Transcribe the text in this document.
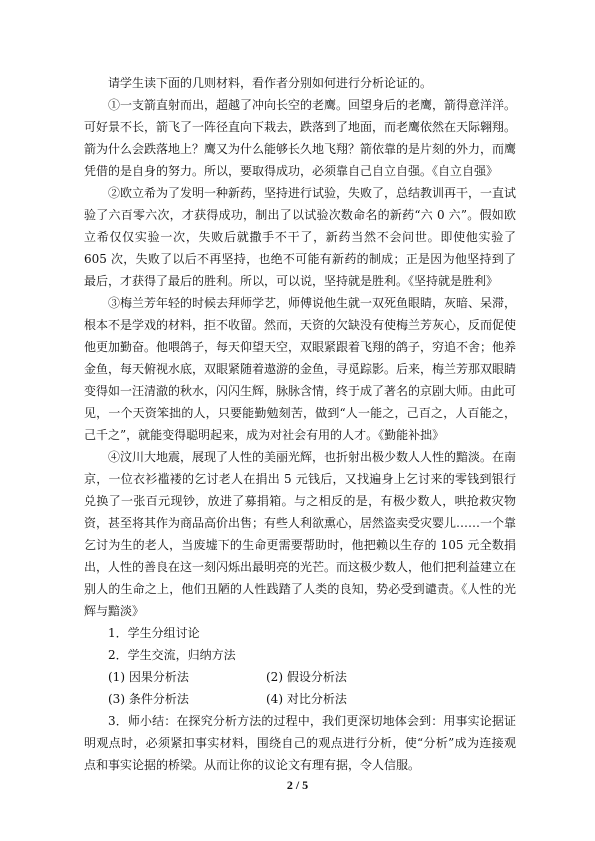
请学生读下面的几则材料，看作者分别如何进行分析论证的。

①一支箭直射而出，超越了冲向长空的老鹰。回望身后的老鹰，箭得意洋洋。可好景不长，箭飞了一阵径直向下栽去，跌落到了地面，而老鹰依然在天际翱翔。箭为什么会跌落地上？鹰又为什么能够长久地飞翔？箭依靠的是片刻的外力，而鹰凭借的是自身的努力。所以，要取得成功，必须靠自己自立自强。《自立自强》

②欧立希为了发明一种新药，坚持进行试验，失败了，总结教训再干，一直试验了六百零六次，才获得成功，制出了以试验次数命名的新药“六 0 六”。假如欧立希仅仅实验一次，失败后就撒手不干了，新药当然不会问世。即使他实验了 605 次，失败了以后不再坚持，也绝不可能有新药的制成；正是因为他坚持到了最后，才获得了最后的胜利。所以，可以说，坚持就是胜利。《坚持就是胜利》

③梅兰芳年轻的时候去拜师学艺，师傅说他生就一双死鱼眼睛，灰暗、呆滞，根本不是学戏的材料，拒不收留。然而，天资的欠缺没有使梅兰芳灰心，反而促使他更加勤奋。他喂鸽子，每天仰望天空，双眼紧跟着飞翔的鸽子，穷追不舍；他养金鱼，每天俯视水底，双眼紧随着遨游的金鱼，寻觅踪影。后来，梅兰芳那双眼睛变得如一汪清澈的秋水，闪闪生辉，脉脉含情，终于成了著名的京剧大师。由此可见，一个天资笨拙的人，只要能勤勉刻苦，做到“人一能之，己百之，人百能之，己千之”，就能变得聪明起来，成为对社会有用的人才。《勤能补拙》

④汶川大地震，展现了人性的美丽光辉，也折射出极少数人人性的黯淡。在南京，一位衣衫褴褛的乞讨老人在捐出 5 元钱后，又找遍身上乞讨来的零钱到银行兑换了一张百元现钞，放进了募捐箱。与之相反的是，有极少数人，哄抢救灾物资，甚至将其作为商品高价出售；有些人利欲熏心，居然盗卖受灾婴儿……一个靠乞讨为生的老人，当废墟下的生命更需要帮助时，他把赖以生存的 105 元全数捐出，人性的善良在这一刻闪烁出最明亮的光芒。而这极少数人，他们把利益建立在别人的生命之上，他们丑陋的人性践踏了人类的良知，势必受到谴责。《人性的光辉与黯淡》

1．学生分组讨论

2．学生交流，归纳方法

(1) 因果分析法	(2) 假设分析法
(3) 条件分析法	(4) 对比分析法

3．师小结：在探究分析方法的过程中，我们更深切地体会到：用事实论据证明观点时，必须紧扣事实材料，围绕自己的观点进行分析，使“分析”成为连接观点和事实论据的桥梁。从而让你的议论文有理有据，令人信服。

2 / 5
